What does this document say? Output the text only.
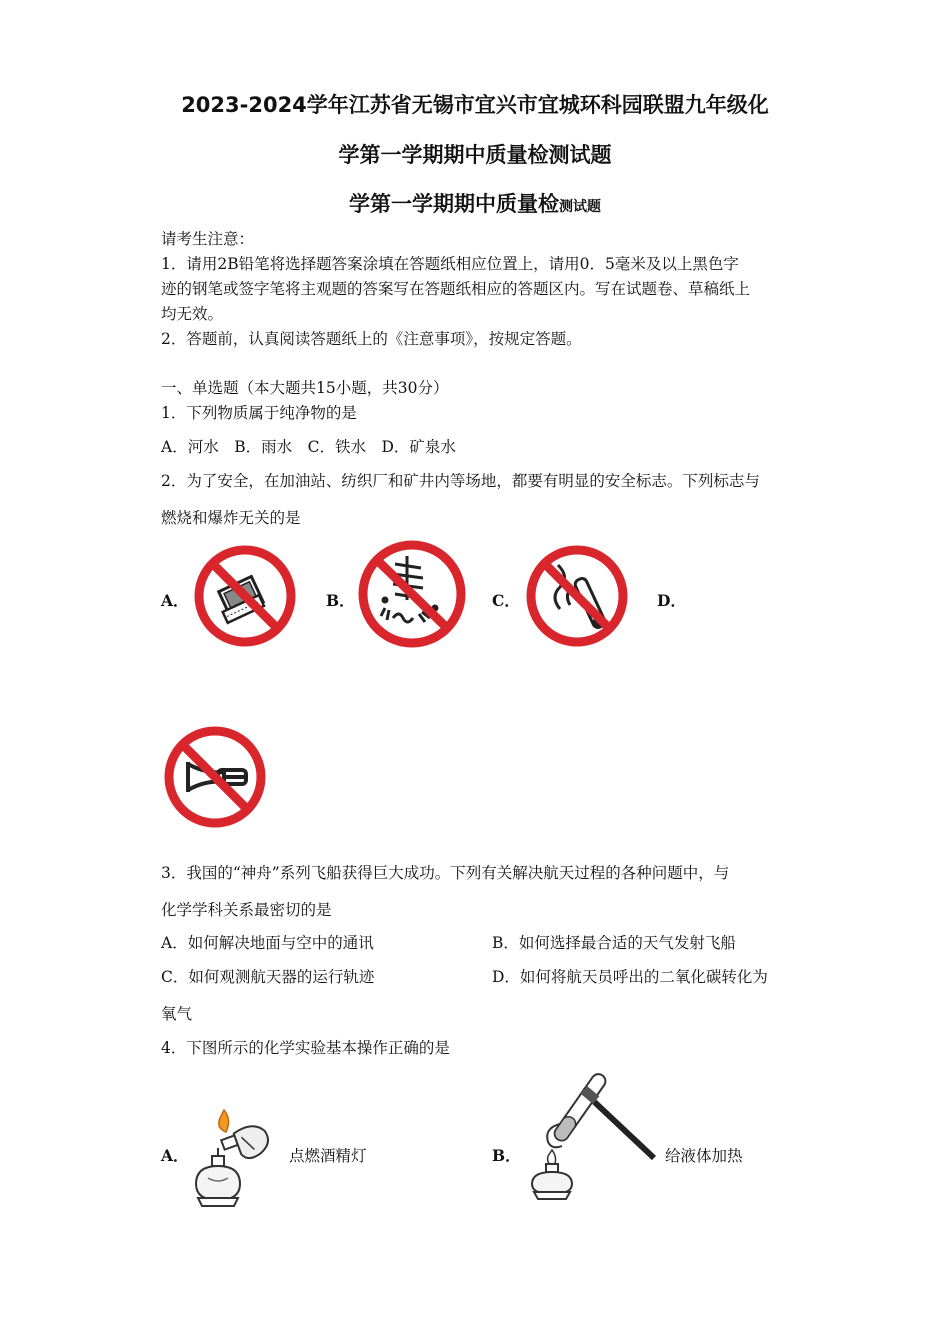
2023-2024学年江苏省无锡市宜兴市宜城环科园联盟九年级化
学第一学期期中质量检测试题
学第一学期期中质量检测试题
请考生注意：
1．请用2B铅笔将选择题答案涂填在答题纸相应位置上，请用0．5毫米及以上黑色字
迹的钢笔或签字笔将主观题的答案写在答题纸相应的答题区内。写在试题卷、草稿纸上
均无效。
2．答题前，认真阅读答题纸上的《注意事项》，按规定答题。
一、单选题（本大题共15小题，共30分）
1．下列物质属于纯净物的是
A．河水　B．雨水　C．铁水　D．矿泉水
2．为了安全，在加油站、纺织厂和矿井内等场地，都要有明显的安全标志。下列标志与
燃烧和爆炸无关的是
A．	B．	C．	D．
3．我国的“神舟”系列飞船获得巨大成功。下列有关解决航天过程的各种问题中，与
化学学科关系最密切的是
A．如何解决地面与空中的通讯	B．如何选择最合适的天气发射飞船
C．如何观测航天器的运行轨迹	D．如何将航天员呼出的二氧化碳转化为
氧气
4．下图所示的化学实验基本操作正确的是
A．	点燃酒精灯	B．	给液体加热
